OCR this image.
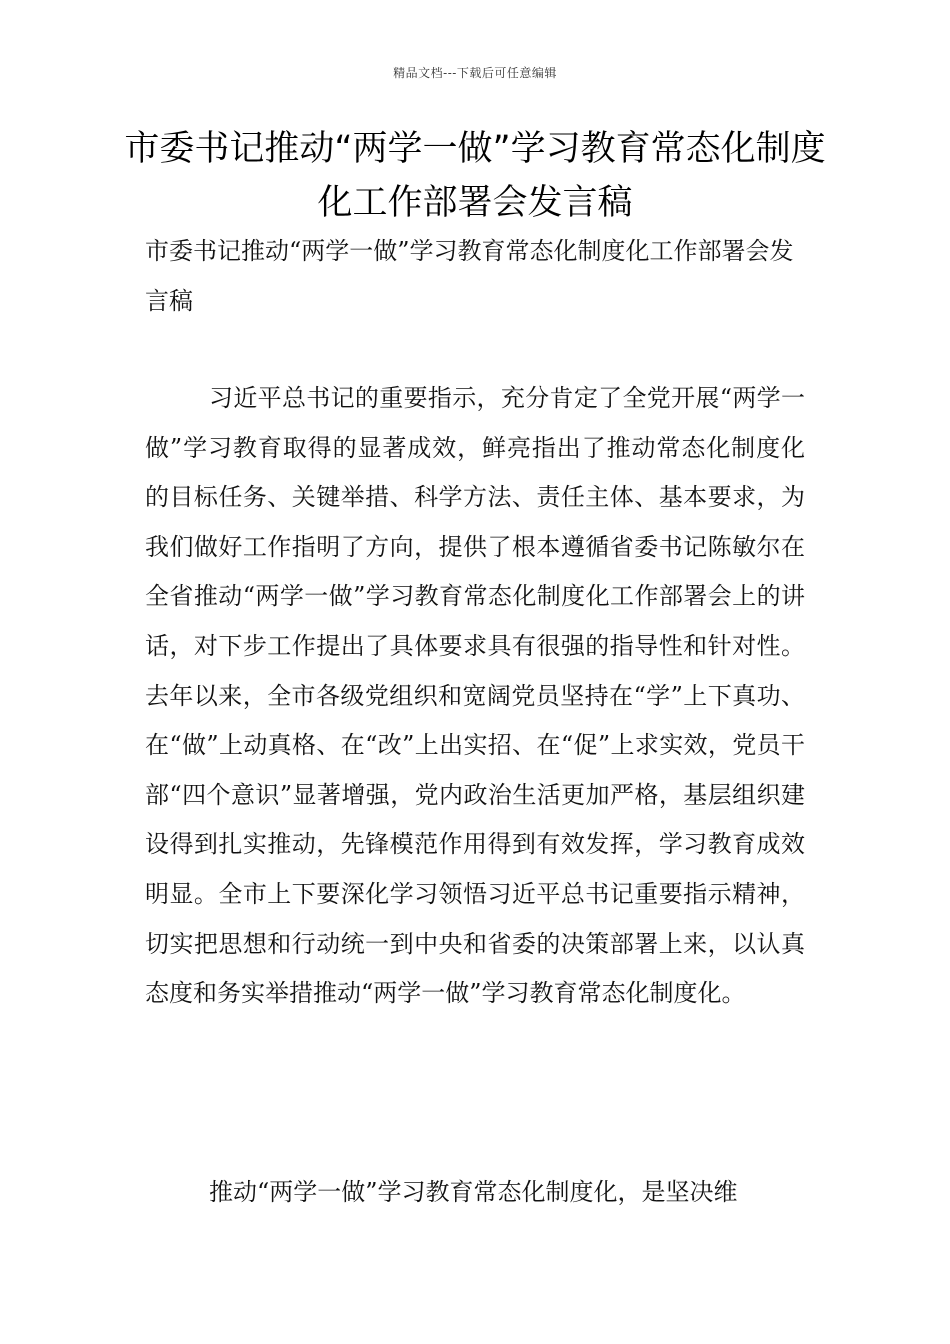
精品文档---下载后可任意编辑
市委书记推动“两学一做”学习教育常态化制度化工作部署会发言稿

市委书记推动“两学一做”学习教育常态化制度化工作部署会发言稿

习近平总书记的重要指示，充分肯定了全党开展“两学一做”学习教育取得的显著成效，鲜亮指出了推动常态化制度化的目标任务、关键举措、科学方法、责任主体、基本要求，为我们做好工作指明了方向，提供了根本遵循省委书记陈敏尔在全省推动“两学一做”学习教育常态化制度化工作部署会上的讲话，对下步工作提出了具体要求具有很强的指导性和针对性。去年以来，全市各级党组织和宽阔党员坚持在“学”上下真功、在“做”上动真格、在“改”上出实招、在“促”上求实效，党员干部“四个意识”显著增强，党内政治生活更加严格，基层组织建设得到扎实推动，先锋模范作用得到有效发挥，学习教育成效明显。全市上下要深化学习领悟习近平总书记重要指示精神，切实把思想和行动统一到中央和省委的决策部署上来，以认真态度和务实举措推动“两学一做”学习教育常态化制度化。

推动“两学一做”学习教育常态化制度化，是坚决维
